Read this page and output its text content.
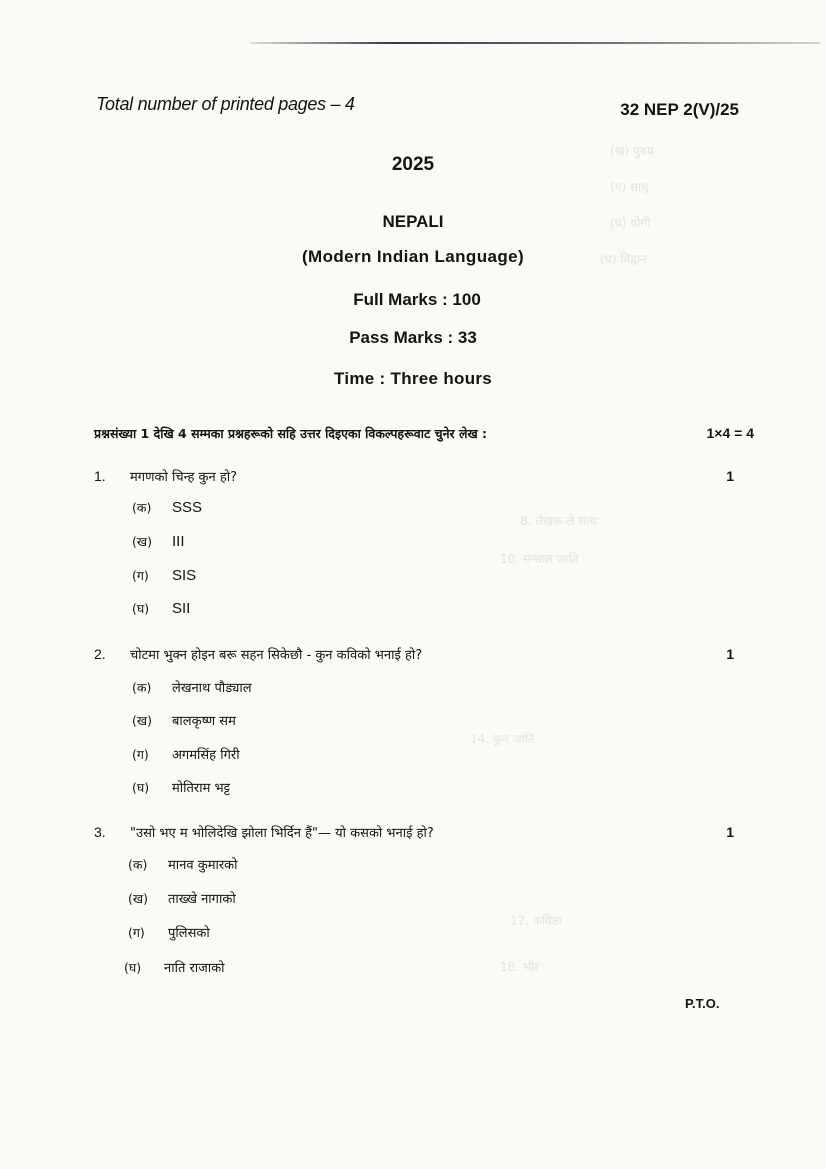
(ख) पुरुष
(ग) साधु
(घ) योगी
(घ) विद्वान
8. लेखक ले सत्य
10. सन्ताल जाति
14. कुन जाति
17. कविता
18. भीर
Total number of printed pages – 4	32 NEP 2(V)/25
2025
NEPALI
(Modern Indian Language)
Full Marks : 100
Pass Marks : 33
Time : Three hours
प्रश्नसंख्या 1 देखि 4 सम्मका प्रश्नहरूको सहि उत्तर दिइएका विकल्पहरूवाट चुनेर लेख :	1×4 = 4
1.	मगणको चिन्ह कुन हो?	1
(क)	SSS
(ख)	III
(ग)	SIS
(घ)	SII
2.	चोटमा भुक्न होइन बरू सहन सिकेछौ - कुन कविको भनाई हो?	1
(क)	लेखनाथ पौड्याल
(ख)	बालकृष्ण सम
(ग)	अगमसिंह गिरी
(घ)	मोतिराम भट्ट
3.	"उसो भए म भोलिदेखि झोला भिर्दिन हैं"— यो कसको भनाई हो?	1
(क)	मानव कुमारको
(ख)	ताख्खे नागाको
(ग)	पुलिसको
(घ)	नाति राजाको
P.T.O.
